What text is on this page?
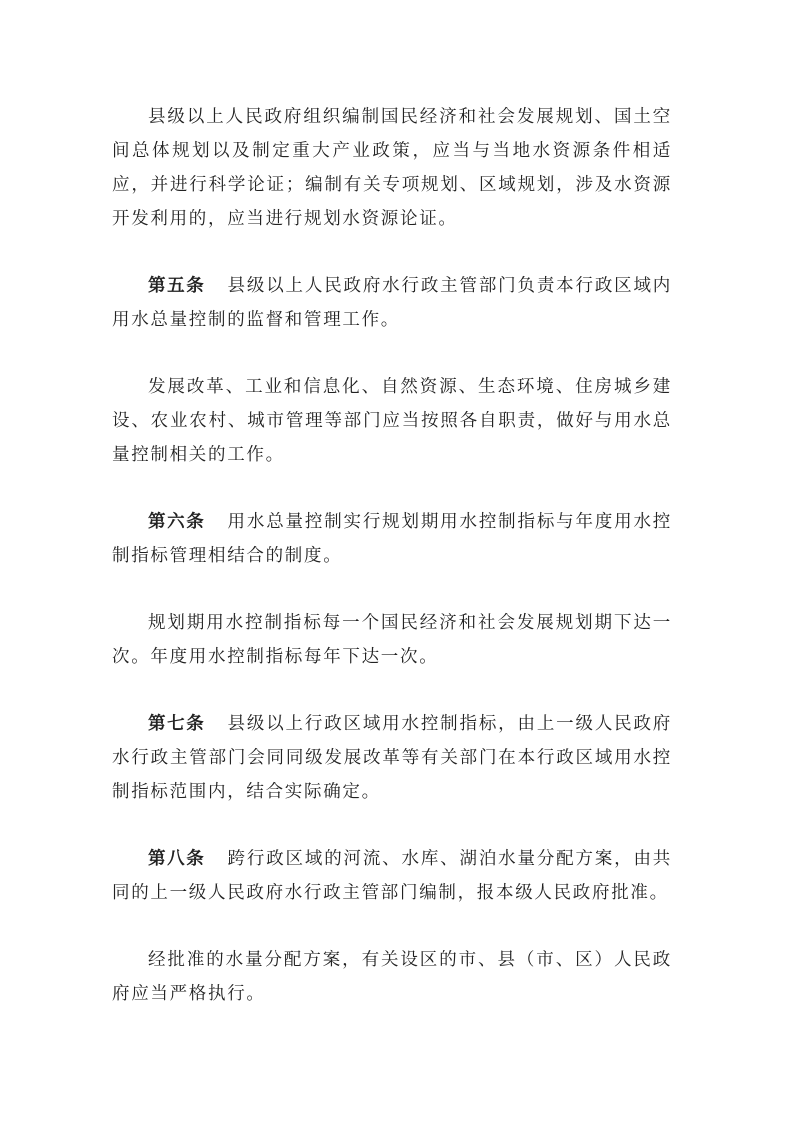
县级以上人民政府组织编制国民经济和社会发展规划、国土空间总体规划以及制定重大产业政策，应当与当地水资源条件相适应，并进行科学论证；编制有关专项规划、区域规划，涉及水资源开发利用的，应当进行规划水资源论证。

第五条 县级以上人民政府水行政主管部门负责本行政区域内用水总量控制的监督和管理工作。

发展改革、工业和信息化、自然资源、生态环境、住房城乡建设、农业农村、城市管理等部门应当按照各自职责，做好与用水总量控制相关的工作。

第六条 用水总量控制实行规划期用水控制指标与年度用水控制指标管理相结合的制度。

规划期用水控制指标每一个国民经济和社会发展规划期下达一次。年度用水控制指标每年下达一次。

第七条 县级以上行政区域用水控制指标，由上一级人民政府水行政主管部门会同同级发展改革等有关部门在本行政区域用水控制指标范围内，结合实际确定。

第八条 跨行政区域的河流、水库、湖泊水量分配方案，由共同的上一级人民政府水行政主管部门编制，报本级人民政府批准。

经批准的水量分配方案，有关设区的市、县（市、区）人民政府应当严格执行。
